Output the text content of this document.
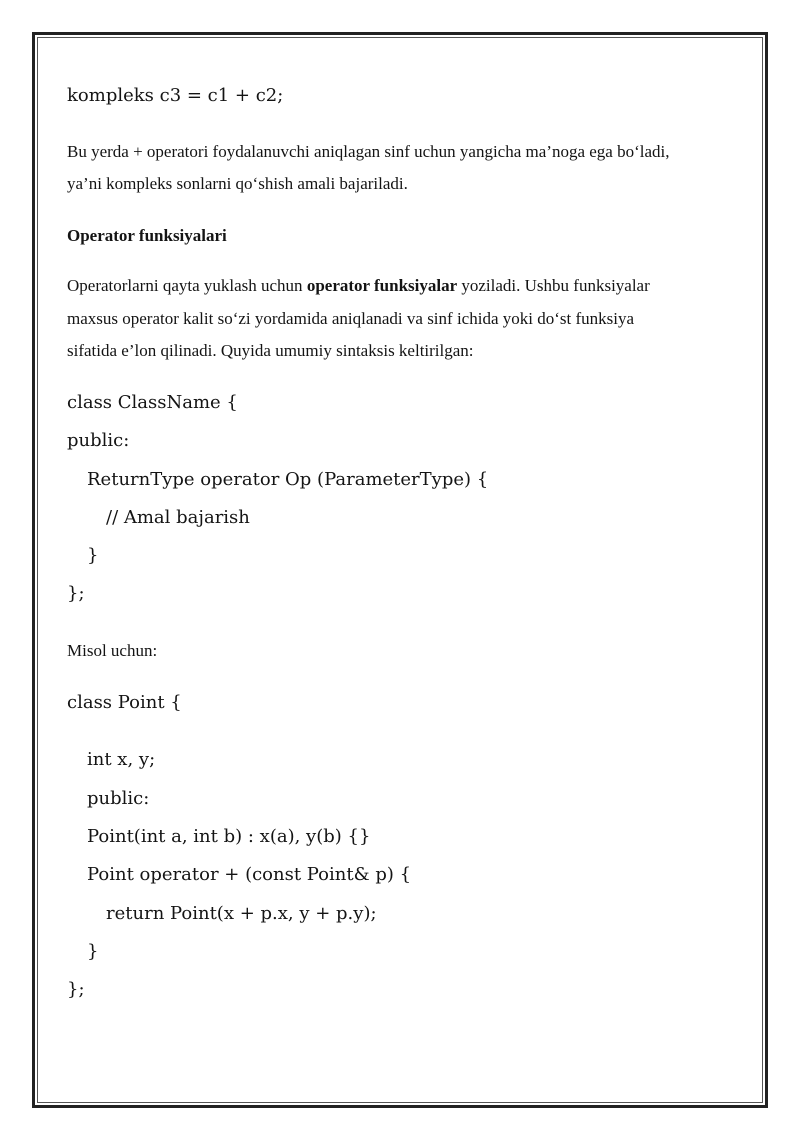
kompleks c3 = c1 + c2;
Bu yerda + operatori foydalanuvchi aniqlagan sinf uchun yangicha ma’noga ega bo‘ladi,
ya’ni kompleks sonlarni qo‘shish amali bajariladi.
Operator funksiyalari
Operatorlarni qayta yuklash uchun operator funksiyalar yoziladi. Ushbu funksiyalar
maxsus operator kalit so‘zi yordamida aniqlanadi va sinf ichida yoki do‘st funksiya
sifatida e’lon qilinadi. Quyida umumiy sintaksis keltirilgan:
class ClassName {
public:
ReturnType operator Op (ParameterType) {
// Amal bajarish
}
};
Misol uchun:
class Point {
int x, y;
public:
Point(int a, int b) : x(a), y(b) {}
Point operator + (const Point& p) {
return Point(x + p.x, y + p.y);
}
};
